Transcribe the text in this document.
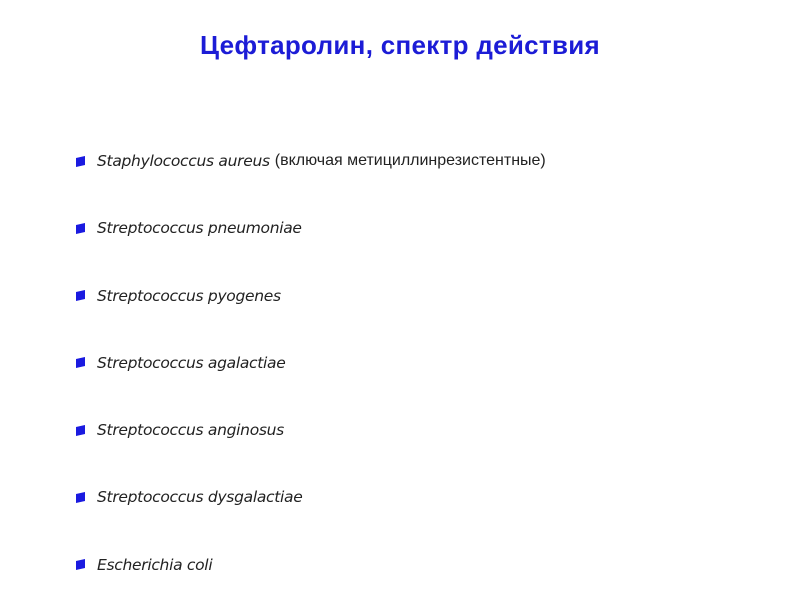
Цефтаролин, спектр действия
Staphylococcus aureus (включая метициллинрезистентные)
Streptococcus pneumoniae
Streptococcus pyogenes
Streptococcus agalactiae
Streptococcus anginosus
Streptococcus dysgalactiae
Escherichia coli
